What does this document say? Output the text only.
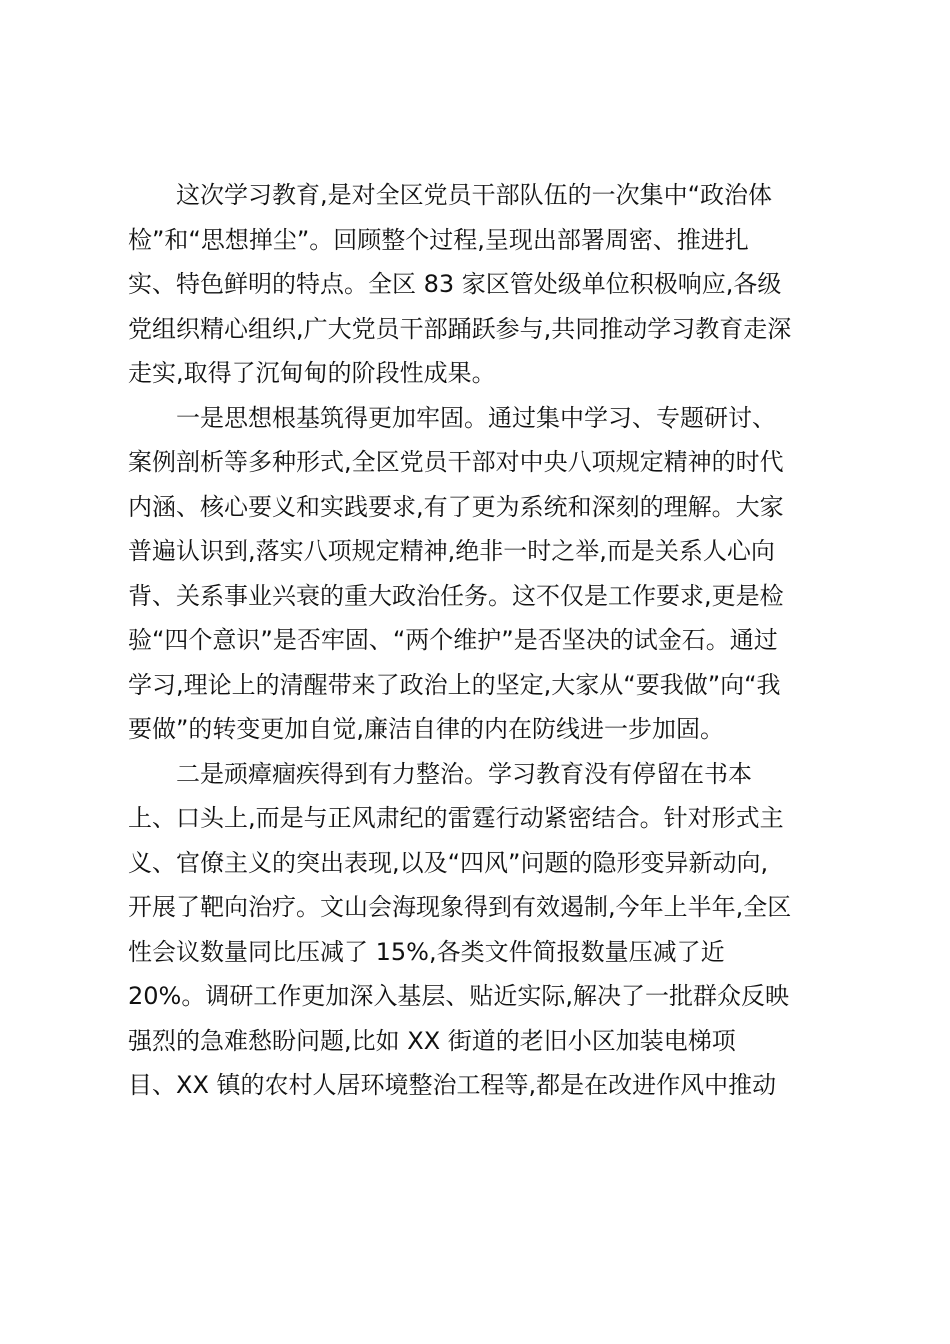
这次学习教育,是对全区党员干部队伍的一次集中“政治体
检”和“思想掸尘”。回顾整个过程,呈现出部署周密、推进扎
实、特色鲜明的特点。全区 83 家区管处级单位积极响应,各级
党组织精心组织,广大党员干部踊跃参与,共同推动学习教育走深
走实,取得了沉甸甸的阶段性成果。
一是思想根基筑得更加牢固。通过集中学习、专题研讨、
案例剖析等多种形式,全区党员干部对中央八项规定精神的时代
内涵、核心要义和实践要求,有了更为系统和深刻的理解。大家
普遍认识到,落实八项规定精神,绝非一时之举,而是关系人心向
背、关系事业兴衰的重大政治任务。这不仅是工作要求,更是检
验“四个意识”是否牢固、“两个维护”是否坚决的试金石。通过
学习,理论上的清醒带来了政治上的坚定,大家从“要我做”向“我
要做”的转变更加自觉,廉洁自律的内在防线进一步加固。
二是顽瘴痼疾得到有力整治。学习教育没有停留在书本
上、口头上,而是与正风肃纪的雷霆行动紧密结合。针对形式主
义、官僚主义的突出表现,以及“四风”问题的隐形变异新动向,
开展了靶向治疗。文山会海现象得到有效遏制,今年上半年,全区
性会议数量同比压减了 15%,各类文件简报数量压减了近
20%。调研工作更加深入基层、贴近实际,解决了一批群众反映
强烈的急难愁盼问题,比如 XX 街道的老旧小区加装电梯项
目、XX 镇的农村人居环境整治工程等,都是在改进作风中推动
